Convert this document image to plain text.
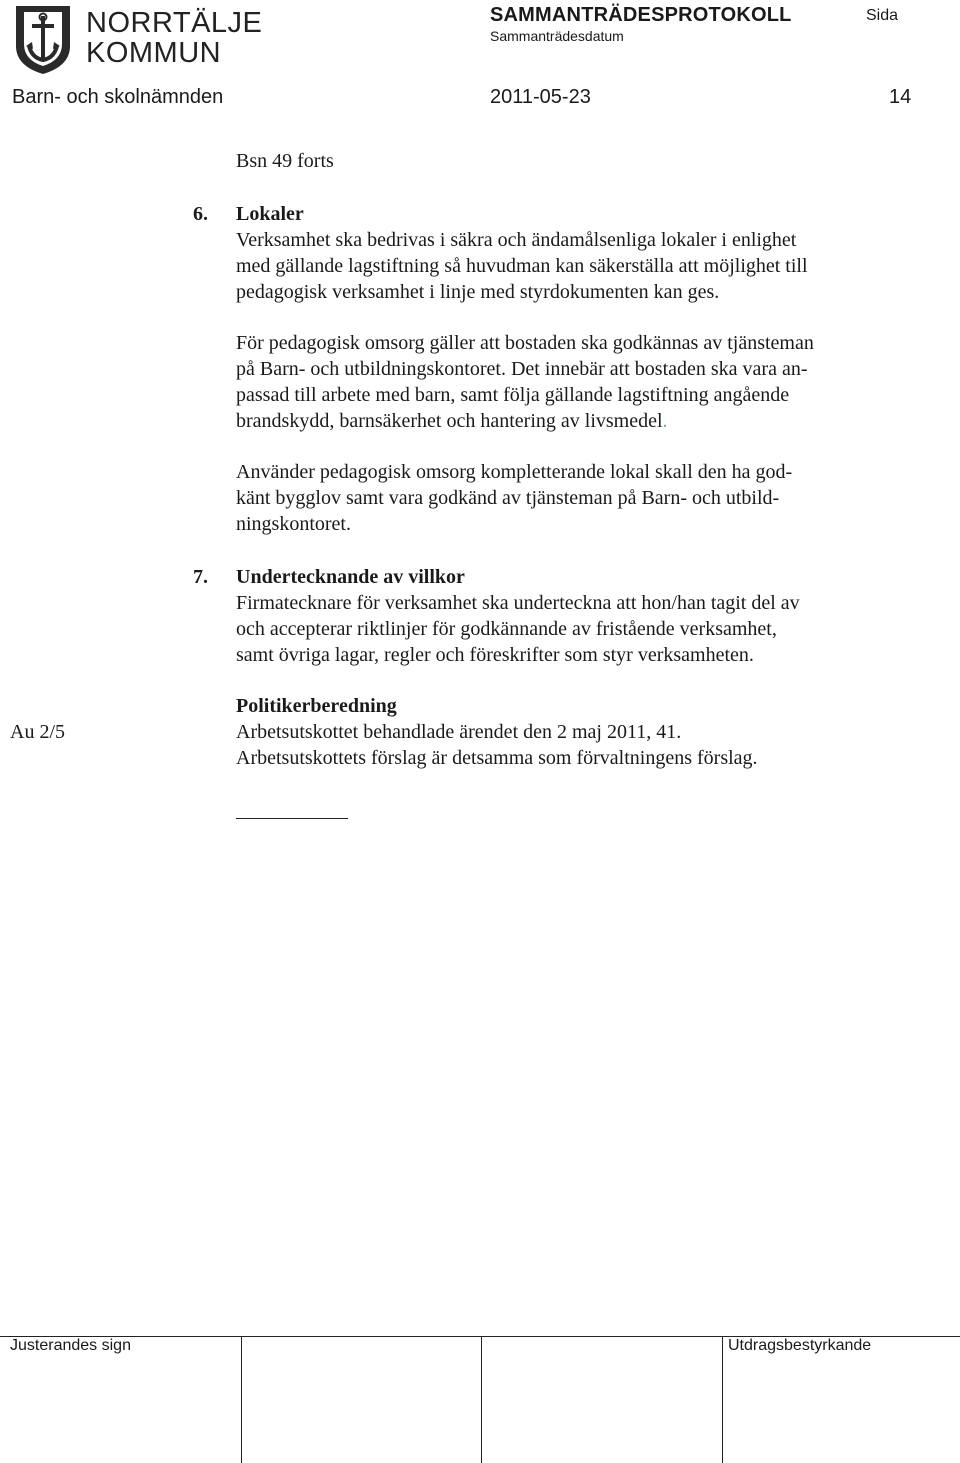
NORRTÄLJE
KOMMUN
SAMMANTRÄDESPROTOKOLL
Sammanträdesdatum
Sida
Barn- och skolnämnden	2011-05-23	14
Bsn 49 forts
6. Lokaler
Verksamhet ska bedrivas i säkra och ändamålsenliga lokaler i enlighet
med gällande lagstiftning så huvudman kan säkerställa att möjlighet till
pedagogisk verksamhet i linje med styrdokumenten kan ges.
För pedagogisk omsorg gäller att bostaden ska godkännas av tjänsteman
på Barn- och utbildningskontoret. Det innebär att bostaden ska vara an-
passad till arbete med barn, samt följa gällande lagstiftning angående
brandskydd, barnsäkerhet och hantering av livsmedel.
Använder pedagogisk omsorg kompletterande lokal skall den ha god-
känt bygglov samt vara godkänd av tjänsteman på Barn- och utbild-
ningskontoret.
7. Undertecknande av villkor
Firmatecknare för verksamhet ska underteckna att hon/han tagit del av
och accepterar riktlinjer för godkännande av fristående verksamhet,
samt övriga lagar, regler och föreskrifter som styr verksamheten.
Politikerberedning
Au 2/5	Arbetsutskottet behandlade ärendet den 2 maj 2011, 41.
Arbetsutskottets förslag är detsamma som förvaltningens förslag.
Justerandes sign	Utdragsbestyrkande
